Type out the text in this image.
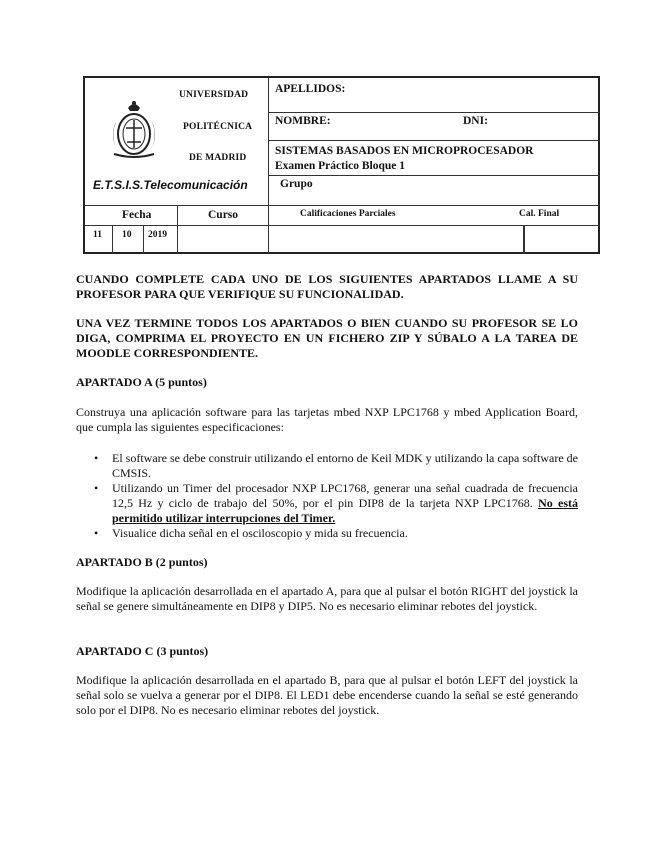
UNIVERSIDAD
POLITÉCNICA
DE MADRID
E.T.S.I.S.Telecomunicación
APELLIDOS:
NOMBRE:	DNI:
SISTEMAS BASADOS EN MICROPROCESADOR
Examen Práctico Bloque 1
Grupo
Fecha	Curso	Calificaciones Parciales	Cal. Final
11 10 2019
CUANDO COMPLETE CADA UNO DE LOS SIGUIENTES APARTADOS LLAME A SU PROFESOR PARA QUE VERIFIQUE SU FUNCIONALIDAD.
UNA VEZ TERMINE TODOS LOS APARTADOS O BIEN CUANDO SU PROFESOR SE LO DIGA, COMPRIMA EL PROYECTO EN UN FICHERO ZIP Y SÚBALO A LA TAREA DE MOODLE CORRESPONDIENTE.
APARTADO A (5 puntos)
Construya una aplicación software para las tarjetas mbed NXP LPC1768 y mbed Application Board, que cumpla las siguientes especificaciones:
• El software se debe construir utilizando el entorno de Keil MDK y utilizando la capa software de CMSIS.
• Utilizando un Timer del procesador NXP LPC1768, generar una señal cuadrada de frecuencia 12,5 Hz y ciclo de trabajo del 50%, por el pin DIP8 de la tarjeta NXP LPC1768. No está permitido utilizar interrupciones del Timer.
• Visualice dicha señal en el osciloscopio y mida su frecuencia.
APARTADO B (2 puntos)
Modifique la aplicación desarrollada en el apartado A, para que al pulsar el botón RIGHT del joystick la señal se genere simultáneamente en DIP8 y DIP5. No es necesario eliminar rebotes del joystick.
APARTADO C (3 puntos)
Modifique la aplicación desarrollada en el apartado B, para que al pulsar el botón LEFT del joystick la señal solo se vuelva a generar por el DIP8. El LED1 debe encenderse cuando la señal se esté generando solo por el DIP8. No es necesario eliminar rebotes del joystick.
